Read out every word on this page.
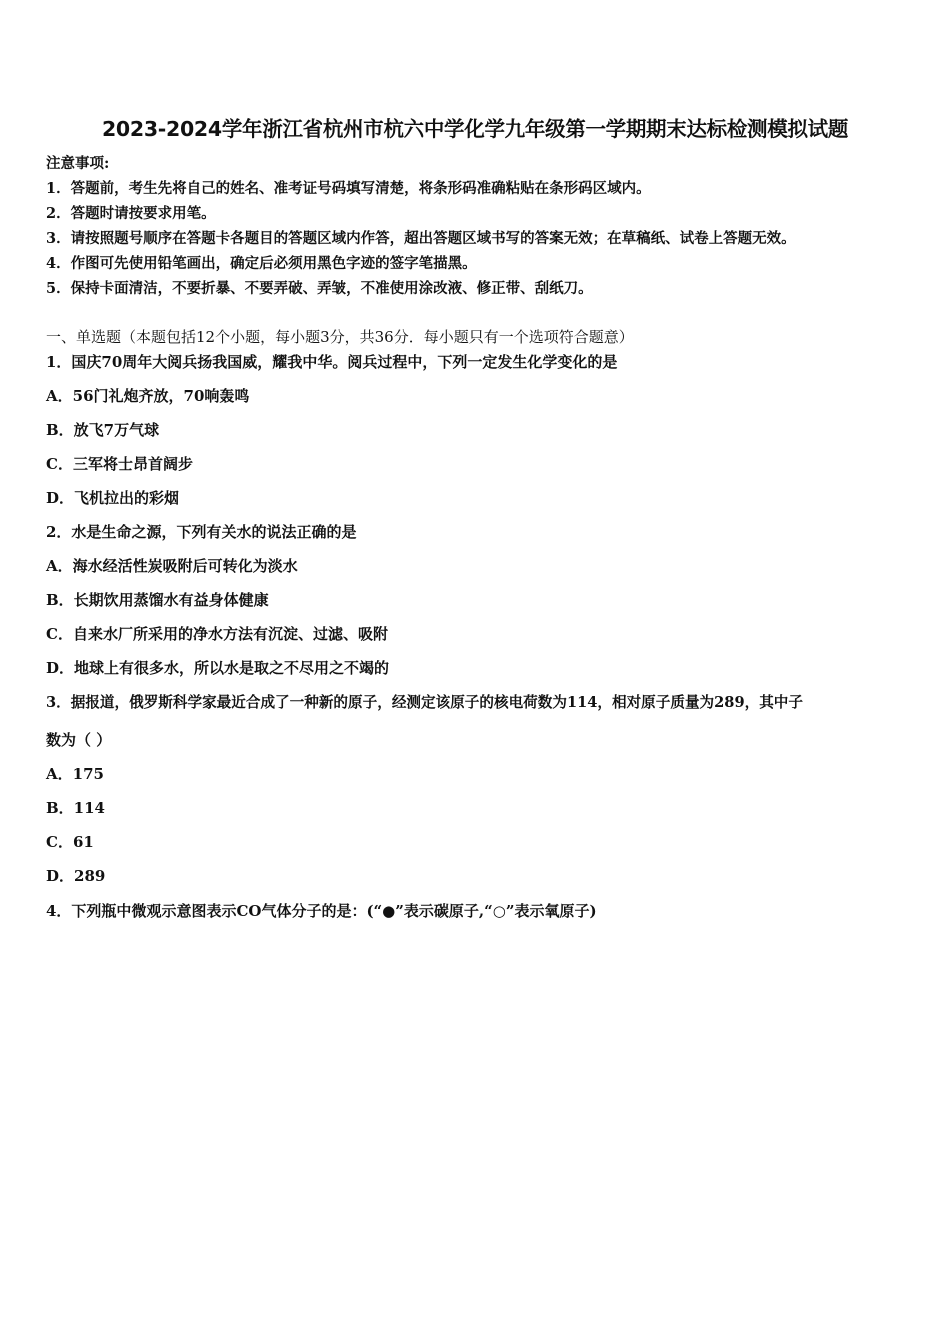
2023-2024学年浙江省杭州市杭六中学化学九年级第一学期期末达标检测模拟试题
注意事项:
1．答题前，考生先将自己的姓名、准考证号码填写清楚，将条形码准确粘贴在条形码区域内。
2．答题时请按要求用笔。
3．请按照题号顺序在答题卡各题目的答题区域内作答，超出答题区域书写的答案无效；在草稿纸、试卷上答题无效。
4．作图可先使用铅笔画出，确定后必须用黑色字迹的签字笔描黑。
5．保持卡面清洁，不要折暴、不要弄破、弄皱，不准使用涂改液、修正带、刮纸刀。
一、单选题（本题包括12个小题，每小题3分，共36分．每小题只有一个选项符合题意）
1．国庆70周年大阅兵扬我国威，耀我中华。阅兵过程中，下列一定发生化学变化的是
A．56门礼炮齐放，70响轰鸣
B．放飞7万气球
C．三军将士昂首阔步
D．飞机拉出的彩烟
2．水是生命之源，下列有关水的说法正确的是
A．海水经活性炭吸附后可转化为淡水
B．长期饮用蒸馏水有益身体健康
C．自来水厂所采用的净水方法有沉淀、过滤、吸附
D．地球上有很多水，所以水是取之不尽用之不竭的
3．据报道，俄罗斯科学家最近合成了一种新的原子，经测定该原子的核电荷数为114，相对原子质量为289，其中子
数为（ ）
A．175
B．114
C．61
D．289
4．下列瓶中微观示意图表示CO气体分子的是：(“●”表示碳原子,“○”表示氧原子)
